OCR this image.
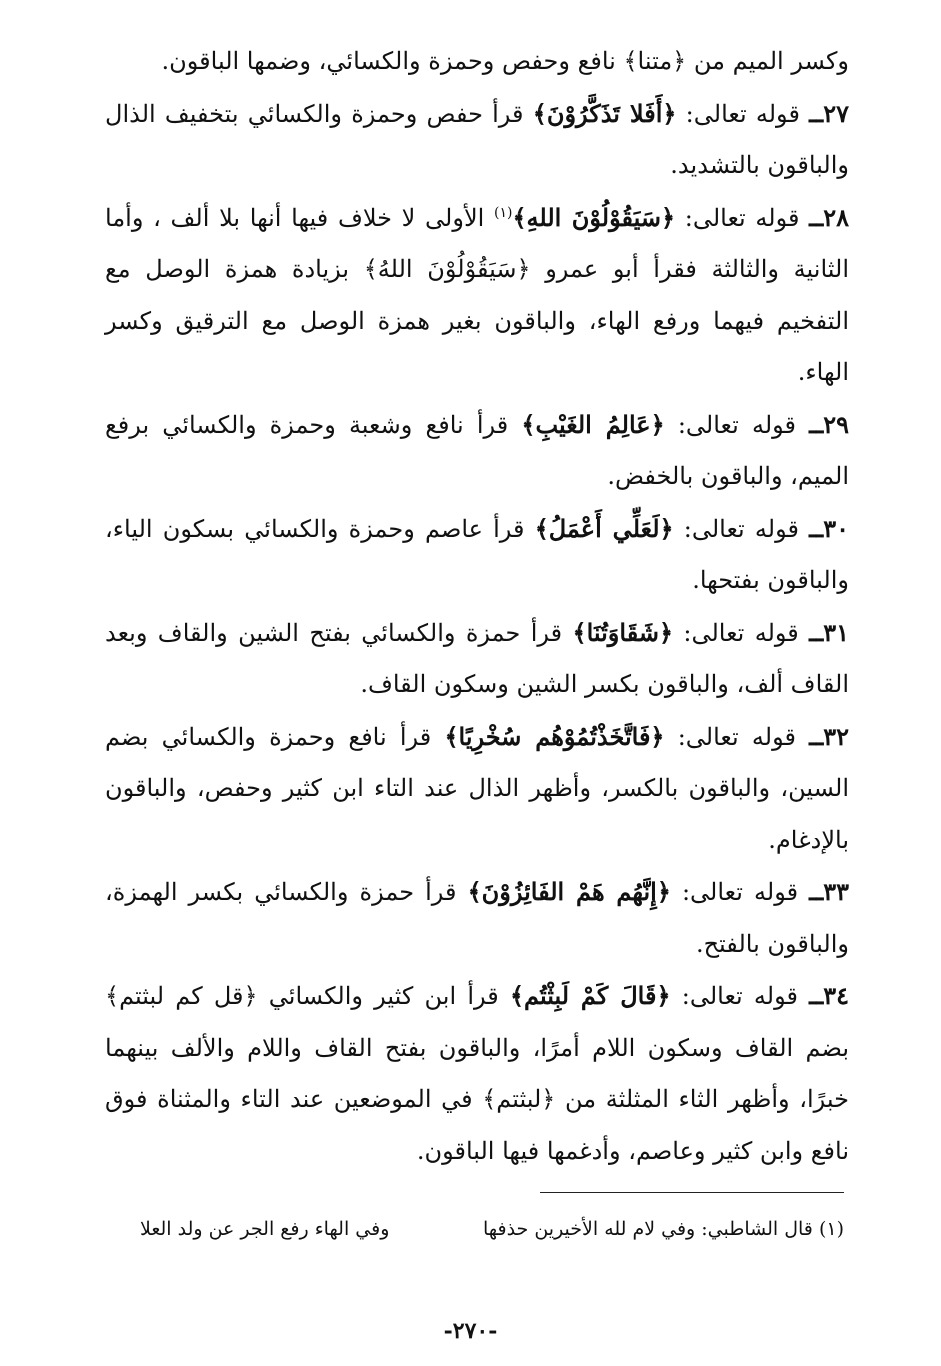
وكسر الميم من ﴿متنا﴾ نافع وحفص وحمزة والكسائي، وضمها الباقون.

٢٧ــ قوله تعالى: ﴿أَفَلا تَذَكَّرُوْنَ﴾ قرأ حفص وحمزة والكسائي بتخفيف الذال والباقون بالتشديد.

٢٨ــ قوله تعالى: ﴿سَيَقُوْلُوْنَ اللهِ﴾$^{(١)}$ الأولى لا خلاف فيها أنها بلا ألف ، وأما الثانية والثالثة فقرأ أبو عمرو ﴿سَيَقُوْلُوْنَ اللهُ﴾ بزيادة همزة الوصل مع التفخيم فيهما ورفع الهاء، والباقون بغير همزة الوصل مع الترقيق وكسر الهاء.

٢٩ــ قوله تعالى: ﴿عَالِمُ الغَيْبِ﴾ قرأ نافع وشعبة وحمزة والكسائي برفع الميم، والباقون بالخفض.

٣٠ــ قوله تعالى: ﴿لَعَلِّي أَعْمَلُ﴾ قرأ عاصم وحمزة والكسائي بسكون الياء، والباقون بفتحها.

٣١ــ قوله تعالى: ﴿شَقَاوَتُنَا﴾ قرأ حمزة والكسائي بفتح الشين والقاف وبعد القاف ألف، والباقون بكسر الشين وسكون القاف.

٣٢ــ قوله تعالى: ﴿فَاتَّخَذْتُمُوْهُم سُخْرِيًا﴾ قرأ نافع وحمزة والكسائي بضم السين، والباقون بالكسر، وأظهر الذال عند التاء ابن كثير وحفص، والباقون بالإدغام.

٣٣ــ قوله تعالى: ﴿إِنَّهُم هَمْ الفَائِزُوْنَ﴾ قرأ حمزة والكسائي بكسر الهمزة، والباقون بالفتح.

٣٤ــ قوله تعالى: ﴿قَالَ كَمْ لَبِثْتُم﴾ قرأ ابن كثير والكسائي ﴿قل كم لبثتم﴾ بضم القاف وسكون اللام أمرًا، والباقون بفتح القاف واللام والألف بينهما خبرًا، وأظهر الثاء المثلثة من ﴿لبثتم﴾ في الموضعين عند التاء والمثناة فوق نافع وابن كثير وعاصم، وأدغمها فيها الباقون.

(١) قال الشاطبي: وفي لام لله الأخيرين حذفها
وفي الهاء رفع الجر عن ولد العلا
-٢٧٠-
